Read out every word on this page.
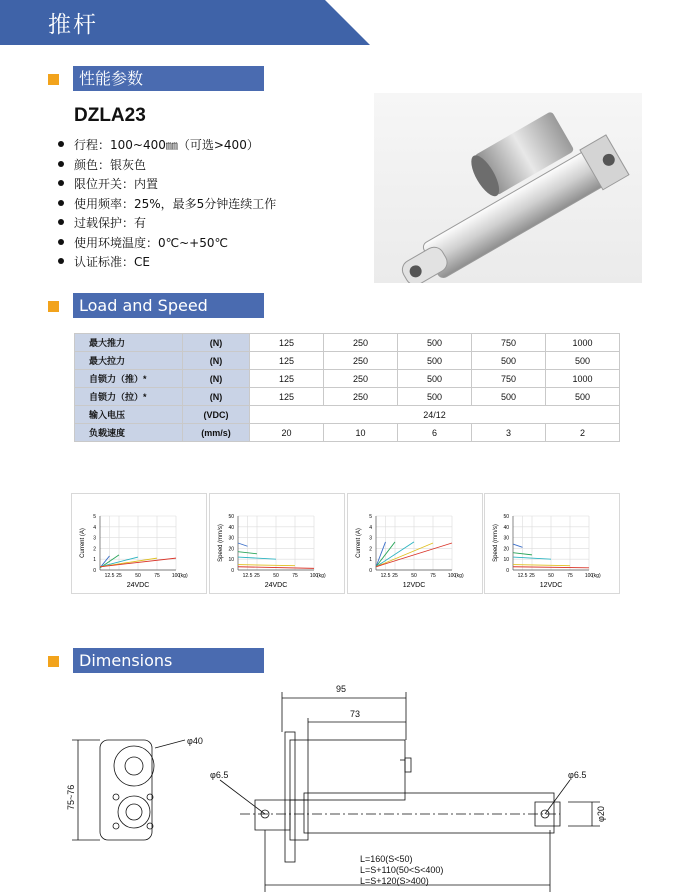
推杆
性能参数
DZLA23
行程：100~400㎜（可选>400）
颜色：银灰色
限位开关：内置
使用频率：25%，最多5分钟连续工作
过载保护：有
使用环境温度：0℃~+50℃
认证标准：CE
Load and Speed
最大推力	(N)	125	250	500	750	1000
最大拉力	(N)	125	250	500	500	500
自锁力（推）*	(N)	125	250	500	750	1000
自锁力（拉）*	(N)	125	250	500	500	500
输入电压	(VDC)	24/12				
负载速度	(mm/s)	20	10	6	3	2
0
1
2
3
4
5
12.5 25	50	75 100
(kg)
Current (A)
24VDC
0
10
20
30
40
50
12.5 25	50	75 100
(kg)
Speed (mm/s)
24VDC
0
1
2
3
4
5
12.5 25	50	75 100
(kg)
Current (A)
12VDC
0
10
20
30
40
50
12.5 25	50	75 100
(kg)
Speed (mm/s)
12VDC
Dimensions
95
73
φ40
φ6.5	φ6.5
φ20
75~76
L=160(S<50)
L=S+110(50<S<400)
L=S+120(S>400)
